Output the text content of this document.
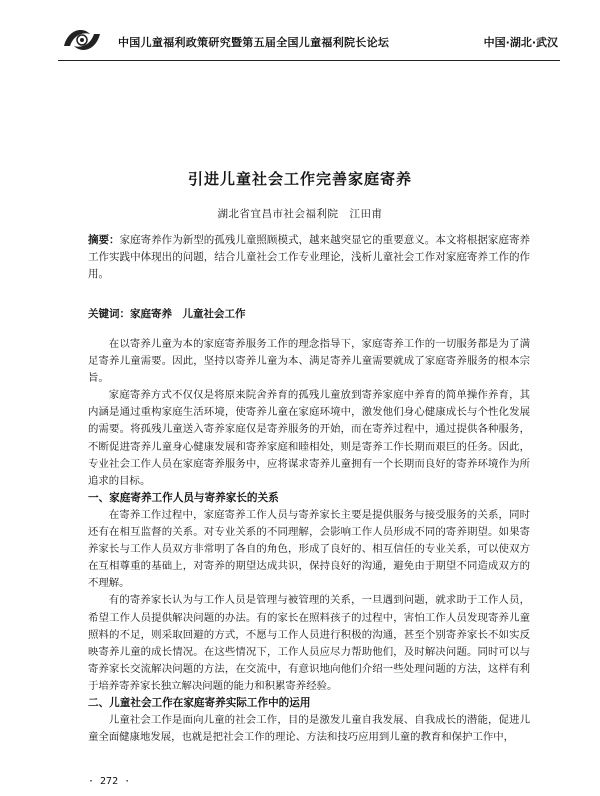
中国儿童福利政策研究暨第五届全国儿童福利院长论坛	中国·湖北·武汉
引进儿童社会工作完善家庭寄养
湖北省宜昌市社会福利院　江田甫
摘要：家庭寄养作为新型的孤残儿童照顾模式，越来越突显它的重要意义。本文将根据家庭寄养工作实践中体现出的问题，结合儿童社会工作专业理论，浅析儿童社会工作对家庭寄养工作的作用。
关键词：家庭寄养　儿童社会工作

在以寄养儿童为本的家庭寄养服务工作的理念指导下，家庭寄养工作的一切服务都是为了满足寄养儿童需要。因此，坚持以寄养儿童为本、满足寄养儿童需要就成了家庭寄养服务的根本宗旨。

家庭寄养方式不仅仅是将原来院舍养育的孤残儿童放到寄养家庭中养育的简单操作养育，其内涵是通过重构家庭生活环境，使寄养儿童在家庭环境中，激发他们身心健康成长与个性化发展的需要。将孤残儿童送入寄养家庭仅是寄养服务的开始，而在寄养过程中，通过提供各种服务，不断促进寄养儿童身心健康发展和寄养家庭和睦相处，则是寄养工作长期而艰巨的任务。因此，专业社会工作人员在家庭寄养服务中，应将谋求寄养儿童拥有一个长期而良好的寄养环境作为所追求的目标。

一、家庭寄养工作人员与寄养家长的关系

在寄养工作过程中，家庭寄养工作人员与寄养家长主要是提供服务与接受服务的关系，同时还有在相互监督的关系。对专业关系的不同理解，会影响工作人员形成不同的寄养期望。如果寄养家长与工作人员双方非常明了各自的角色，形成了良好的、相互信任的专业关系，可以使双方在互相尊重的基础上，对寄养的期望达成共识，保持良好的沟通，避免由于期望不同造成双方的不理解。

有的寄养家长认为与工作人员是管理与被管理的关系，一旦遇到问题，就求助于工作人员，希望工作人员提供解决问题的办法。有的家长在照料孩子的过程中，害怕工作人员发现寄养儿童照料的不足，则采取回避的方式，不愿与工作人员进行积极的沟通，甚至个别寄养家长不如实反映寄养儿童的成长情况。在这些情况下，工作人员应尽力帮助他们，及时解决问题。同时可以与寄养家长交流解决问题的方法，在交流中，有意识地向他们介绍一些处理问题的方法，这样有利于培养寄养家长独立解决问题的能力和积累寄养经验。

二、儿童社会工作在家庭寄养实际工作中的运用

儿童社会工作是面向儿童的社会工作，目的是激发儿童自我发展、自我成长的潜能，促进儿童全面健康地发展，也就是把社会工作的理论、方法和技巧应用到儿童的教育和保护工作中，

· 272 ·
